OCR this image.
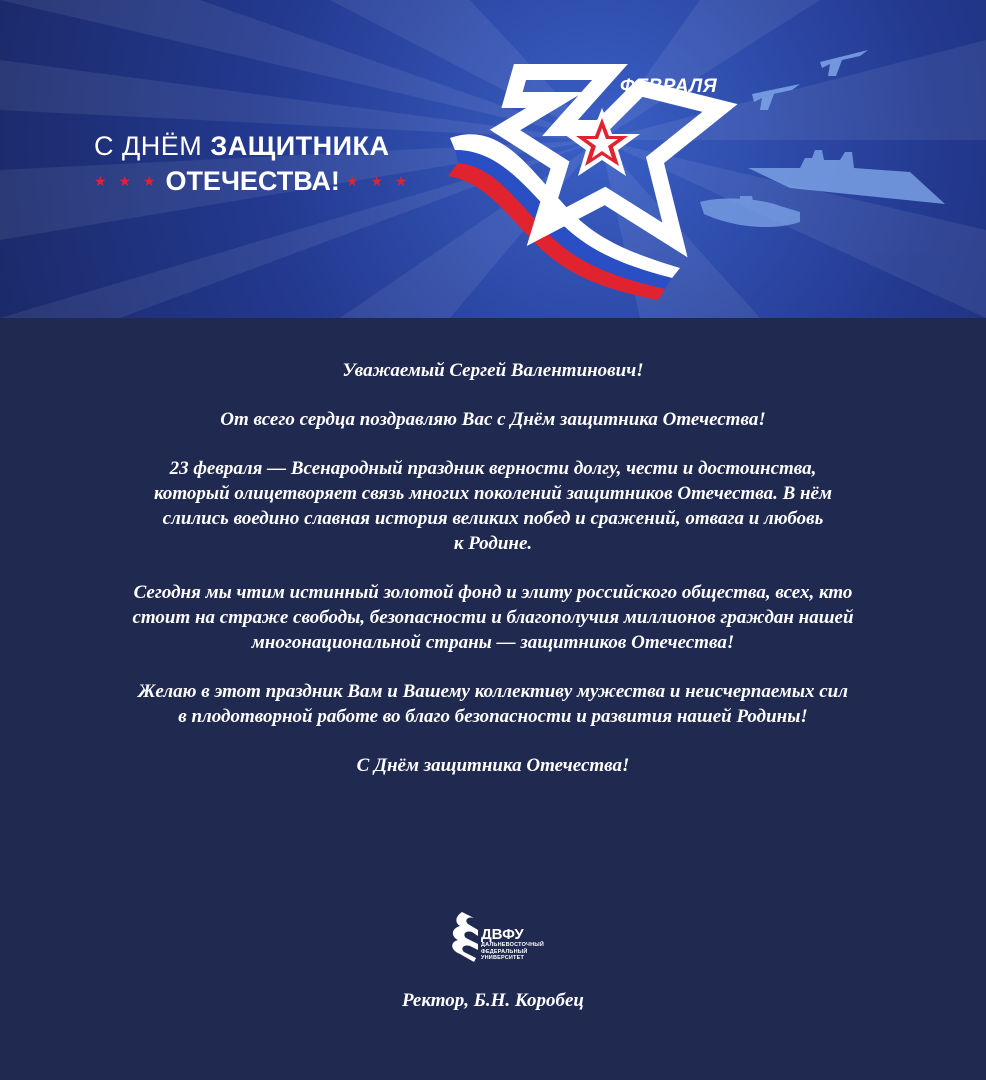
С ДНЁМ ЗАЩИТНИКА
★ ★ ★ ОТЕЧЕСТВА! ★ ★ ★
ФЕВРАЛЯ

Уважаемый Сергей Валентинович!

От всего сердца поздравляю Вас с Днём защитника Отечества!

23 февраля — Всенародный праздник верности долгу, чести и достоинства,
который олицетворяет связь многих поколений защитников Отечества. В нём
слились воедино славная история великих побед и сражений, отвага и любовь
к Родине.

Сегодня мы чтим истинный золотой фонд и элиту российского общества, всех, кто
стоит на страже свободы, безопасности и благополучия миллионов граждан нашей
многонациональной страны — защитников Отечества!

Желаю в этот праздник Вам и Вашему коллективу мужества и неисчерпаемых сил
в плодотворной работе во благо безопасности и развития нашей Родины!

С Днём защитника Отечества!

ДВФУ
ДАЛЬНЕВОСТОЧНЫЙ
ФЕДЕРАЛЬНЫЙ
УНИВЕРСИТЕТ
Ректор, Б.Н. Коробец
